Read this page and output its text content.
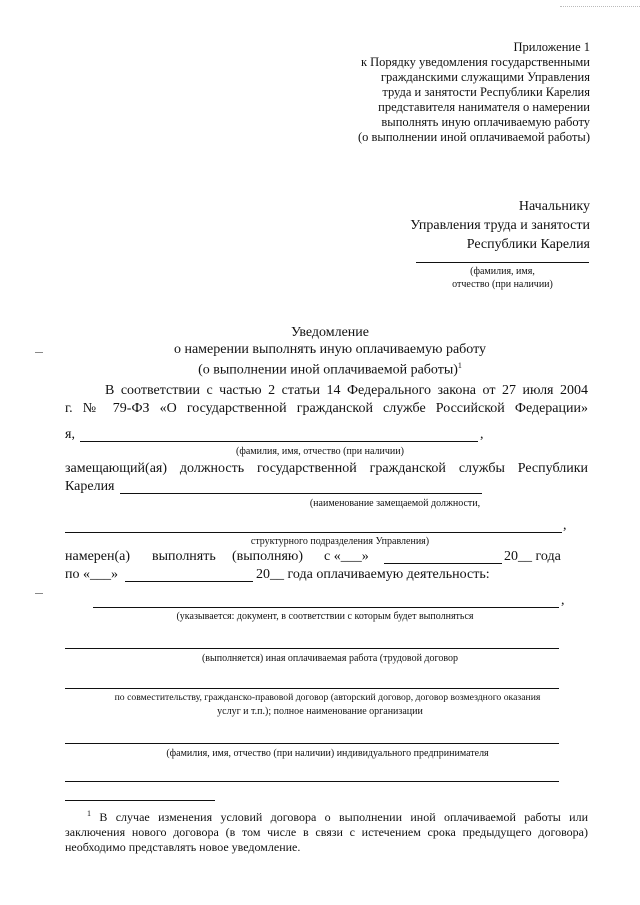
Приложение 1
к Порядку уведомления государственными
гражданскими служащими Управления
труда и занятости Республики Карелия
представителя нанимателя о намерении
выполнять иную оплачиваемую работу
(о выполнении иной оплачиваемой работы)
Начальнику
Управления труда и занятости
Республики Карелия
(фамилия, имя,
отчество (при наличии)
Уведомление
о намерении выполнять иную оплачиваемую работу
(о выполнении иной оплачиваемой работы)$^1$
В соответствии с частью 2 статьи 14 Федерального закона от 27 июля 2004
г. № 79-ФЗ «О государственной гражданской службе Российской Федерации»
я,	,
(фамилия, имя, отчество (при наличии)
замещающий(ая) должность государственной гражданской службы Республики
Карелия
(наименование замещаемой должности,
,
структурного подразделения Управления)
намерен(а) выполнять (выполняю) с «___»	20__ года
по «___»	20__ года оплачиваемую деятельность:
,
(указывается: документ, в соответствии с которым будет выполняться
(выполняется) иная оплачиваемая работа (трудовой договор
по совместительству, гражданско-правовой договор (авторский договор, договор возмездного оказания
услуг и т.п.); полное наименование организации
(фамилия, имя, отчество (при наличии) индивидуального предпринимателя
$^1$ В случае изменения условий договора о выполнении иной оплачиваемой работы или заключения нового договора (в том числе в связи с истечением срока предыдущего договора) необходимо представлять новое уведомление.
